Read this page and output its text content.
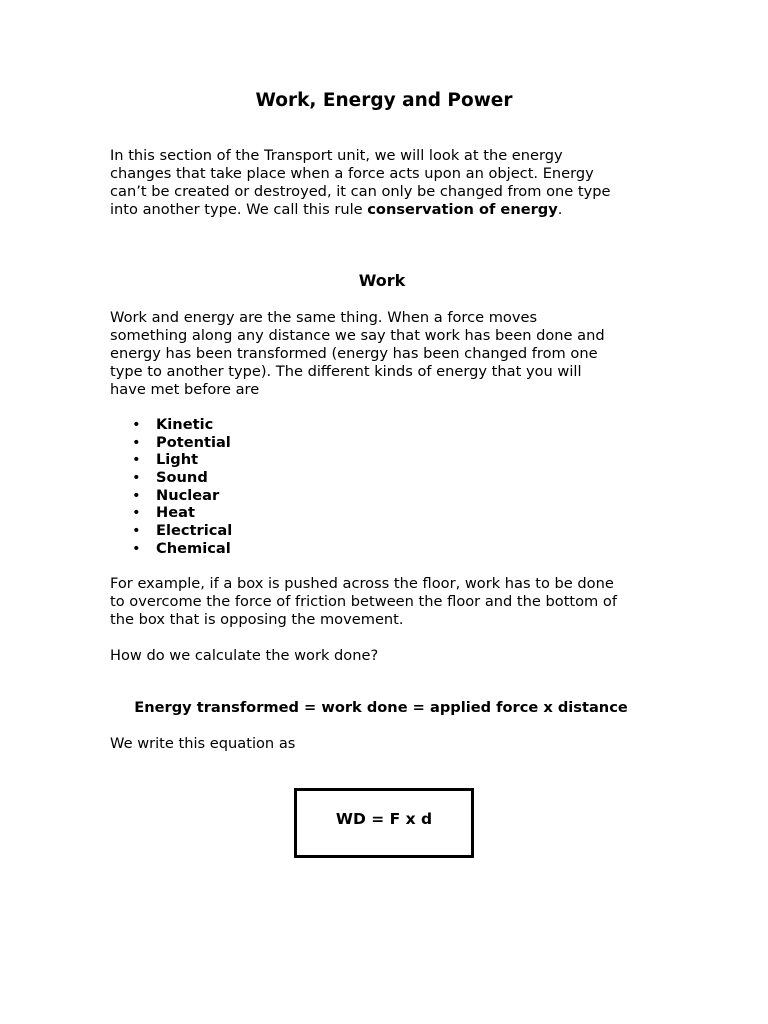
Work, Energy and Power

In this section of the Transport unit, we will look at the energy
changes that take place when a force acts upon an object. Energy
can’t be created or destroyed, it can only be changed from one type
into another type. We call this rule conservation of energy.

Work

Work and energy are the same thing. When a force moves
something along any distance we say that work has been done and
energy has been transformed (energy has been changed from one
type to another type). The different kinds of energy that you will
have met before are

• Kinetic
• Potential
• Light
• Sound
• Nuclear
• Heat
• Electrical
• Chemical

For example, if a box is pushed across the floor, work has to be done
to overcome the force of friction between the floor and the bottom of
the box that is opposing the movement.

How do we calculate the work done?

Energy transformed = work done = applied force x distance

We write this equation as

WD = F x d
